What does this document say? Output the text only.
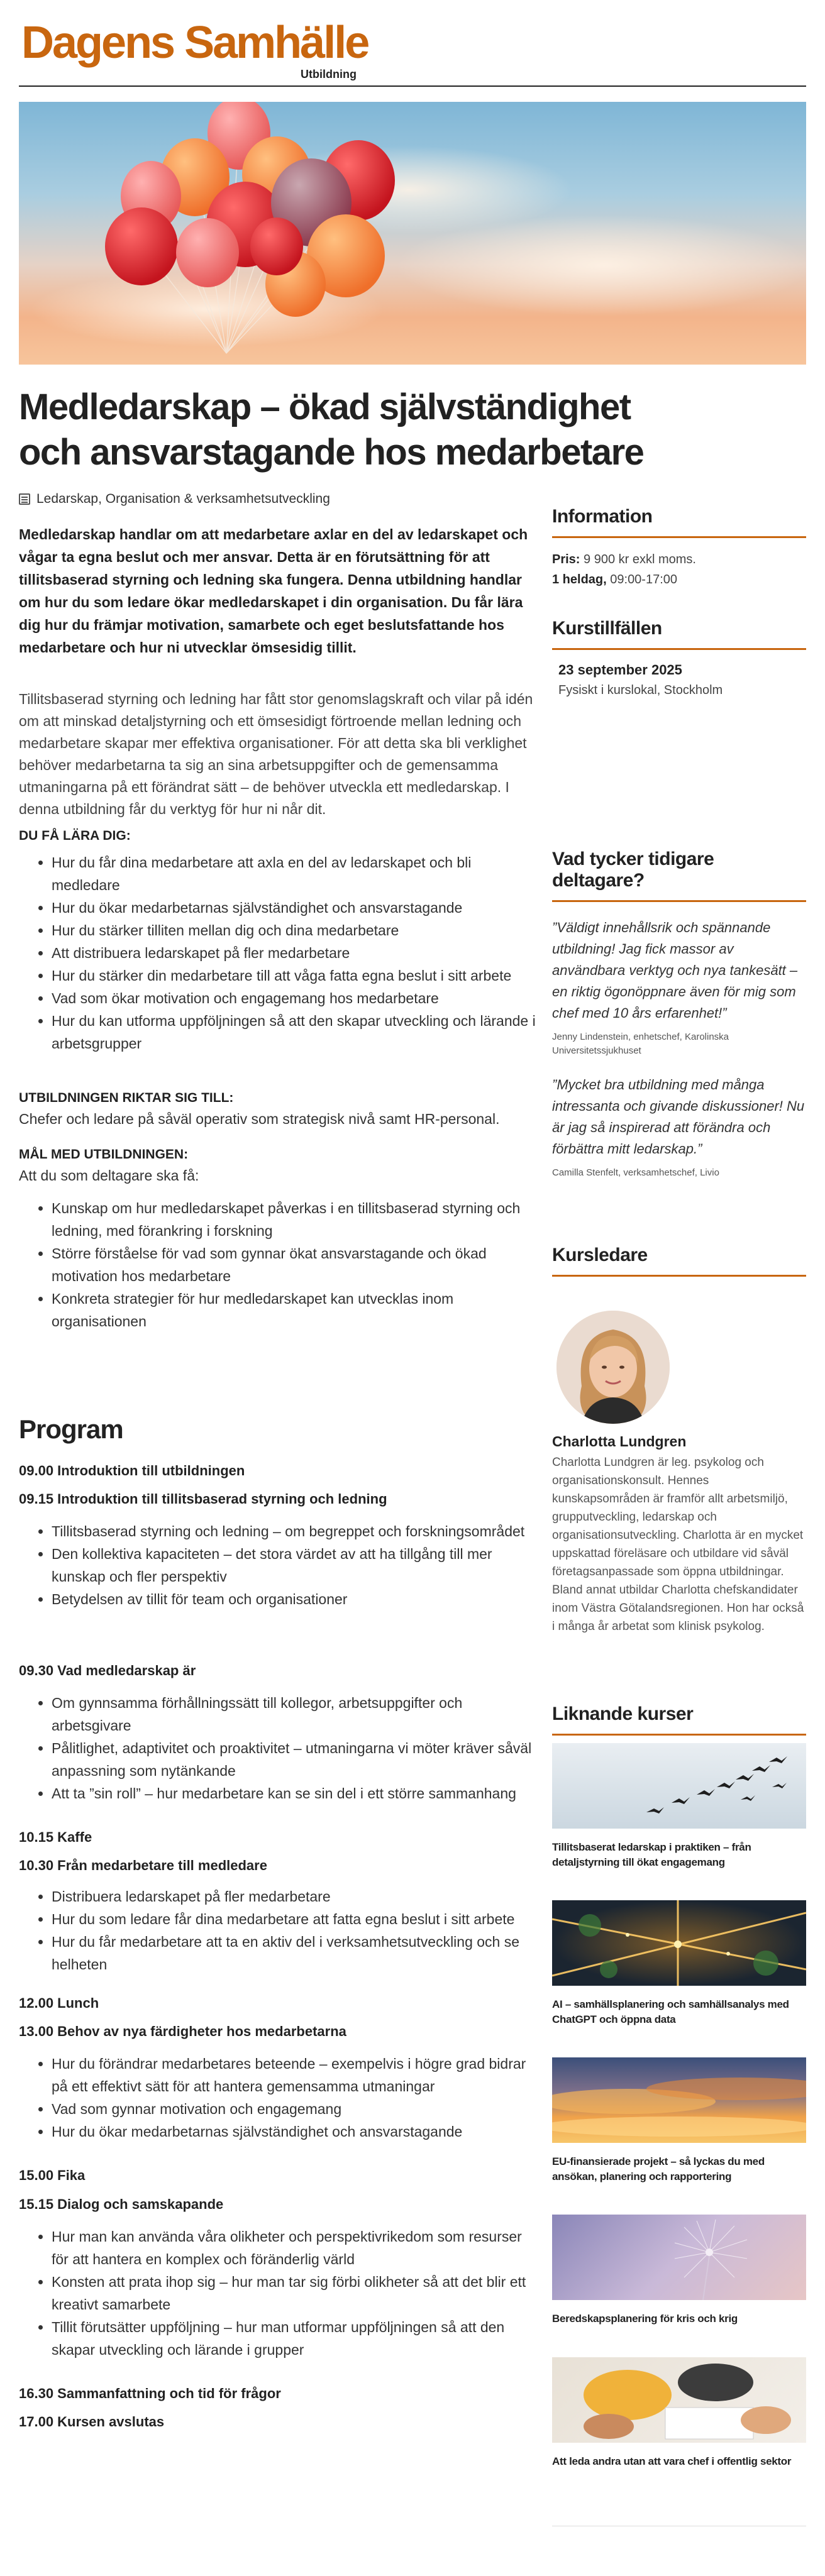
Dagens Samhälle
Utbildning
Medledarskap – ökad självständighet och ansvarstagande hos medarbetare
Ledarskap, Organisation & verksamhetsutveckling

Medledarskap handlar om att medarbetare axlar en del av ledarskapet och vågar ta egna beslut och mer ansvar. Detta är en förutsättning för att tillitsbaserad styrning och ledning ska fungera. Denna utbildning handlar om hur du som ledare ökar medledarskapet i din organisation. Du får lära dig hur du främjar motivation, samarbete och eget beslutsfattande hos medarbetare och hur ni utvecklar ömsesidig tillit.

Tillitsbaserad styrning och ledning har fått stor genomslagskraft och vilar på idén om att minskad detaljstyrning och ett ömsesidigt förtroende mellan ledning och medarbetare skapar mer effektiva organisationer. För att detta ska bli verklighet behöver medarbetarna ta sig an sina arbetsuppgifter och de gemensamma utmaningarna på ett förändrat sätt – de behöver utveckla ett medledarskap. I denna utbildning får du verktyg för hur ni når dit.

DU FÅ LÄRA DIG:
• Hur du får dina medarbetare att axla en del av ledarskapet och bli medledare
• Hur du ökar medarbetarnas självständighet och ansvarstagande
• Hur du stärker tilliten mellan dig och dina medarbetare
• Att distribuera ledarskapet på fler medarbetare
• Hur du stärker din medarbetare till att våga fatta egna beslut i sitt arbete
• Vad som ökar motivation och engagemang hos medarbetare
• Hur du kan utforma uppföljningen så att den skapar utveckling och lärande i arbetsgrupper
UTBILDNINGEN RIKTAR SIG TILL:
Chefer och ledare på såväl operativ som strategisk nivå samt HR-personal.
MÅL MED UTBILDNINGEN:
Att du som deltagare ska få:
• Kunskap om hur medledarskapet påverkas i en tillitsbaserad styrning och ledning, med förankring i forskning
• Större förståelse för vad som gynnar ökat ansvarstagande och ökad motivation hos medarbetare
• Konkreta strategier för hur medledarskapet kan utvecklas inom organisationen
Program
09.00 Introduktion till utbildningen
09.15 Introduktion till tillitsbaserad styrning och ledning
• Tillitsbaserad styrning och ledning – om begreppet och forskningsområdet
• Den kollektiva kapaciteten – det stora värdet av att ha tillgång till mer kunskap och fler perspektiv
• Betydelsen av tillit för team och organisationer
09.30 Vad medledarskap är
• Om gynnsamma förhållningssätt till kollegor, arbetsuppgifter och arbetsgivare
• Pålitlighet, adaptivitet och proaktivitet – utmaningarna vi möter kräver såväl anpassning som nytänkande
• Att ta ”sin roll” – hur medarbetare kan se sin del i ett större sammanhang
10.15 Kaffe
10.30 Från medarbetare till medledare
• Distribuera ledarskapet på fler medarbetare
• Hur du som ledare får dina medarbetare att fatta egna beslut i sitt arbete
• Hur du får medarbetare att ta en aktiv del i verksamhetsutveckling och se helheten
12.00 Lunch
13.00 Behov av nya färdigheter hos medarbetarna
• Hur du förändrar medarbetares beteende – exempelvis i högre grad bidrar på ett effektivt sätt för att hantera gemensamma utmaningar
• Vad som gynnar motivation och engagemang
• Hur du ökar medarbetarnas självständighet och ansvarstagande
15.00 Fika
15.15 Dialog och samskapande
• Hur man kan använda våra olikheter och perspektivrikedom som resurser för att hantera en komplex och föränderlig värld
• Konsten att prata ihop sig – hur man tar sig förbi olikheter så att det blir ett kreativt samarbete
• Tillit förutsätter uppföljning – hur man utformar uppföljningen så att den skapar utveckling och lärande i grupper
16.30 Sammanfattning och tid för frågor
17.00 Kursen avslutas
Information
Pris: 9 900 kr exkl moms.
1 heldag, 09:00-17:00
Kurstillfällen
23 september 2025
Fysiskt i kurslokal, Stockholm
Vad tycker tidigare deltagare?
”Väldigt innehållsrik och spännande utbildning! Jag fick massor av användbara verktyg och nya tankesätt – en riktig ögonöppnare även för mig som chef med 10 års erfarenhet!”
Jenny Lindenstein, enhetschef, Karolinska Universitetssjukhuset
”Mycket bra utbildning med många intressanta och givande diskussioner! Nu är jag så inspirerad att förändra och förbättra mitt ledarskap.”
Camilla Stenfelt, verksamhetschef, Livio
Kursledare
Charlotta Lundgren
Charlotta Lundgren är leg. psykolog och organisationskonsult. Hennes kunskapsområden är framför allt arbetsmiljö, grupputveckling, ledarskap och organisationsutveckling. Charlotta är en mycket uppskattad föreläsare och utbildare vid såväl företagsanpassade som öppna utbildningar. Bland annat utbildar Charlotta chefskandidater inom Västra Götalandsregionen. Hon har också i många år arbetat som klinisk psykolog.
Liknande kurser
Tillitsbaserat ledarskap i praktiken – från detaljstyrning till ökat engagemang
AI – samhällsplanering och samhällsanalys med ChatGPT och öppna data
EU-finansierade projekt – så lyckas du med ansökan, planering och rapportering
Beredskapsplanering för kris och krig
Att leda andra utan att vara chef i offentlig sektor
